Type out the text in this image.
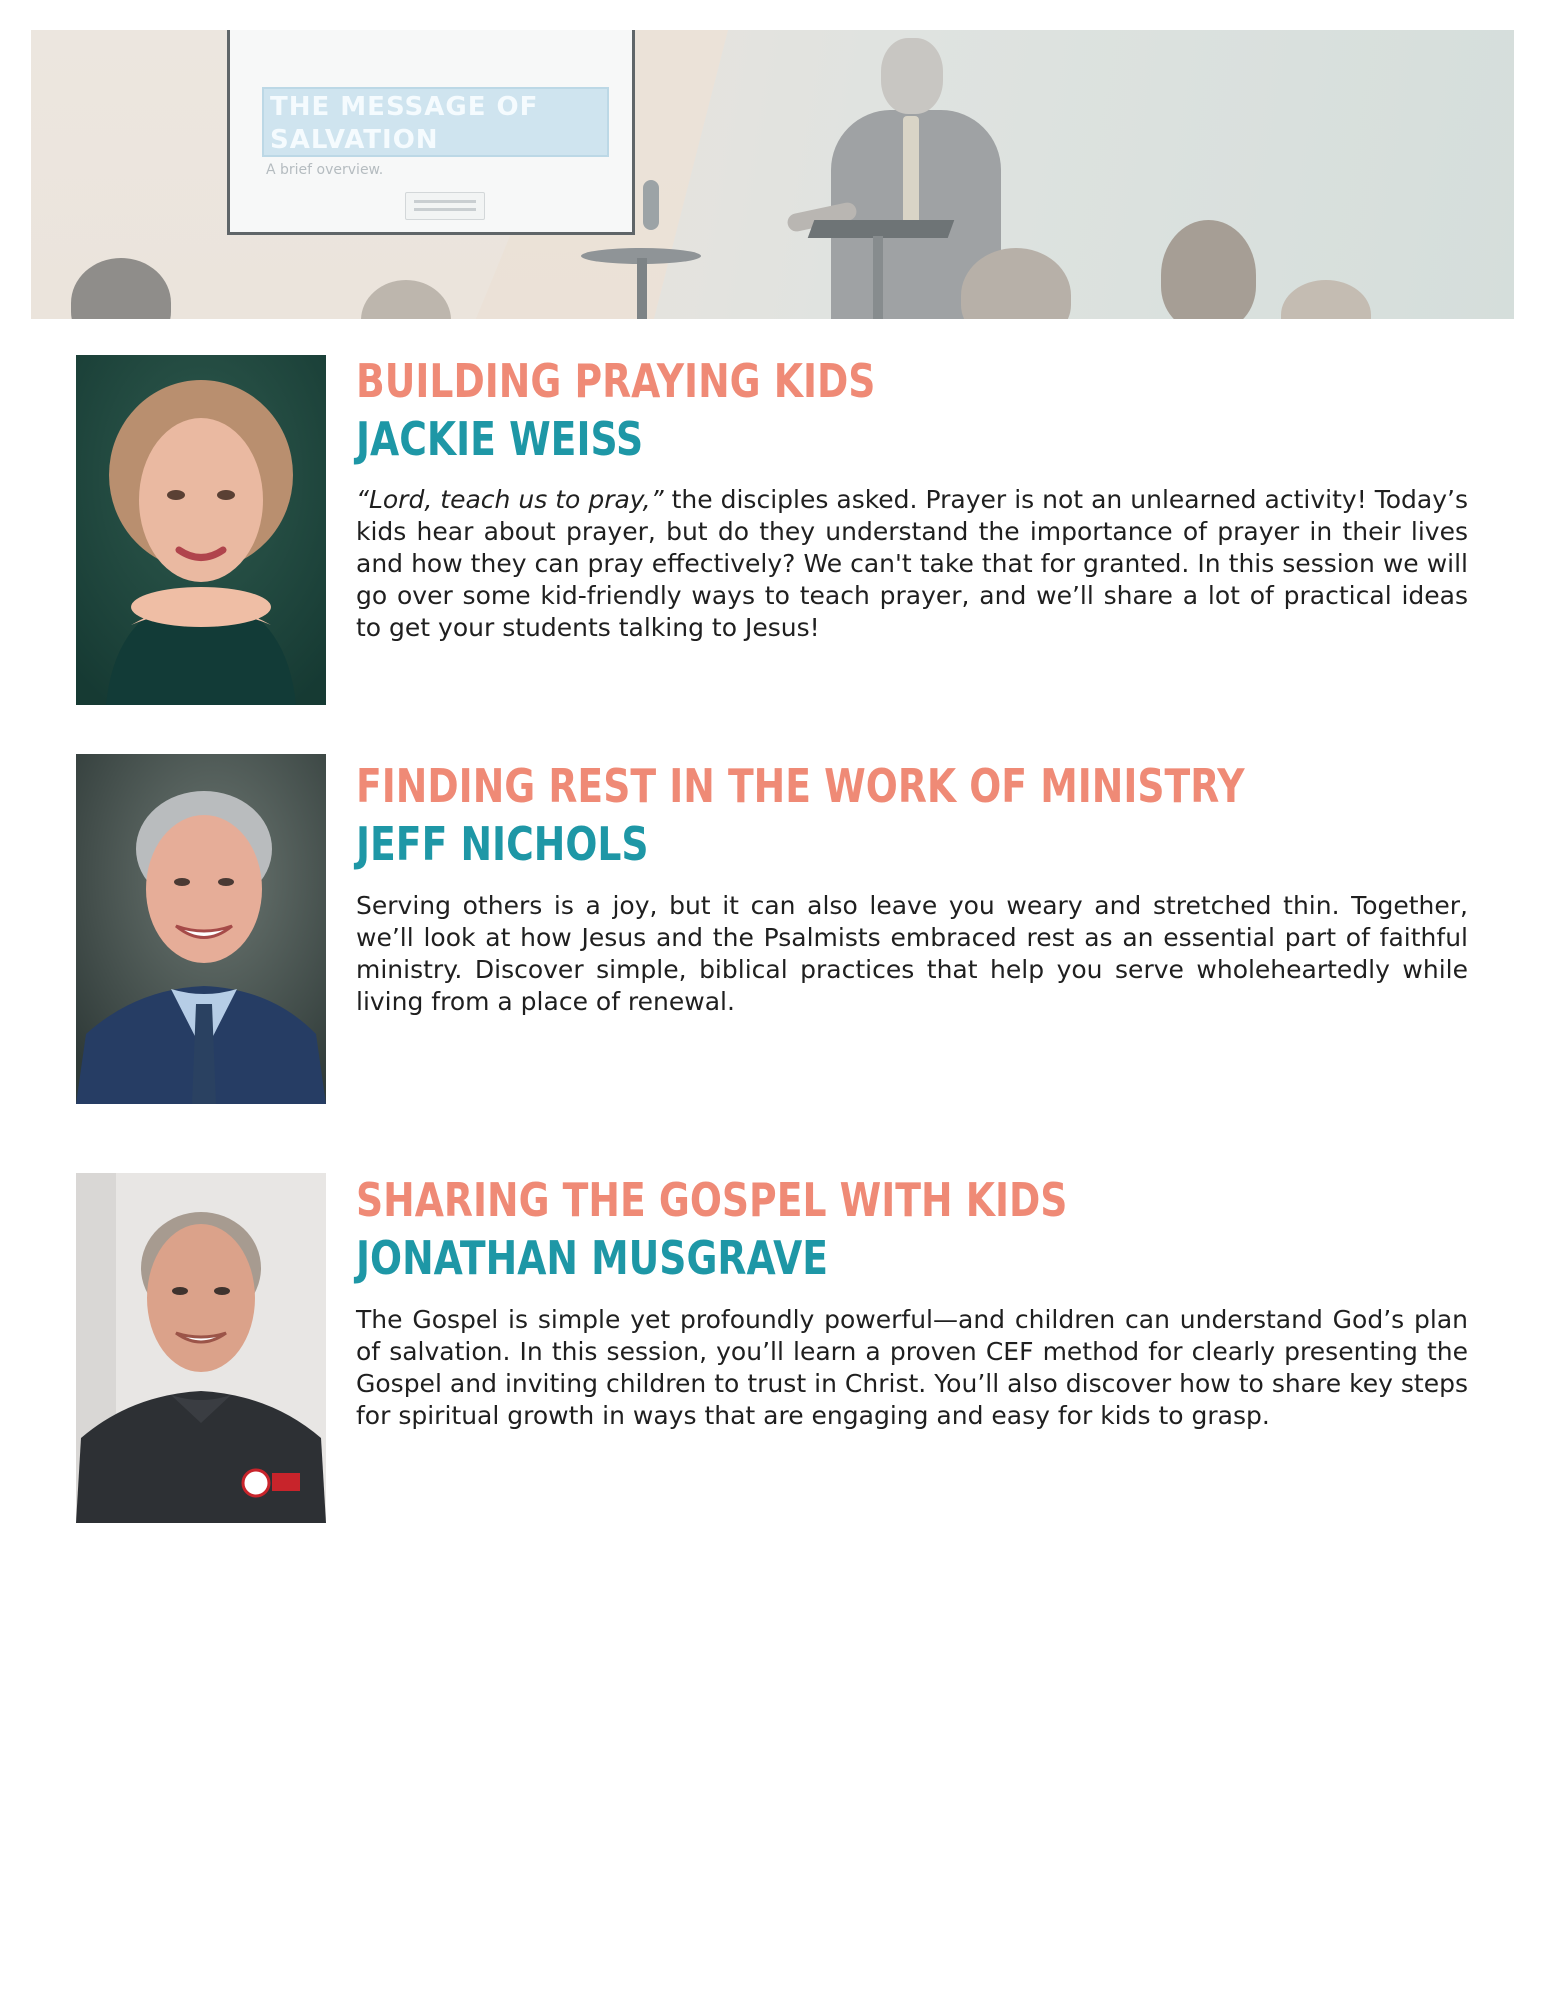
THE MESSAGE OF SALVATION

A brief overview.

BUILDING PRAYING KIDS
JACKIE WEISS

“Lord, teach us to pray,” the disciples asked. Prayer is not an unlearned activity! Today’s kids hear about prayer, but do they understand the importance of prayer in their lives and how they can pray effectively? We can't take that for granted. In this session we will go over some kid-friendly ways to teach prayer, and we’ll share a lot of practical ideas to get your students talking to Jesus!

FINDING REST IN THE WORK OF MINISTRY
JEFF NICHOLS

Serving others is a joy, but it can also leave you weary and stretched thin. Together, we’ll look at how Jesus and the Psalmists embraced rest as an essential part of faithful ministry. Discover simple, biblical practices that help you serve wholeheartedly while living from a place of renewal.

SHARING THE GOSPEL WITH KIDS
JONATHAN MUSGRAVE

The Gospel is simple yet profoundly powerful—and children can understand God’s plan of salvation. In this session, you’ll learn a proven CEF method for clearly presenting the Gospel and inviting children to trust in Christ. You’ll also discover how to share key steps for spiritual growth in ways that are engaging and easy for kids to grasp.
